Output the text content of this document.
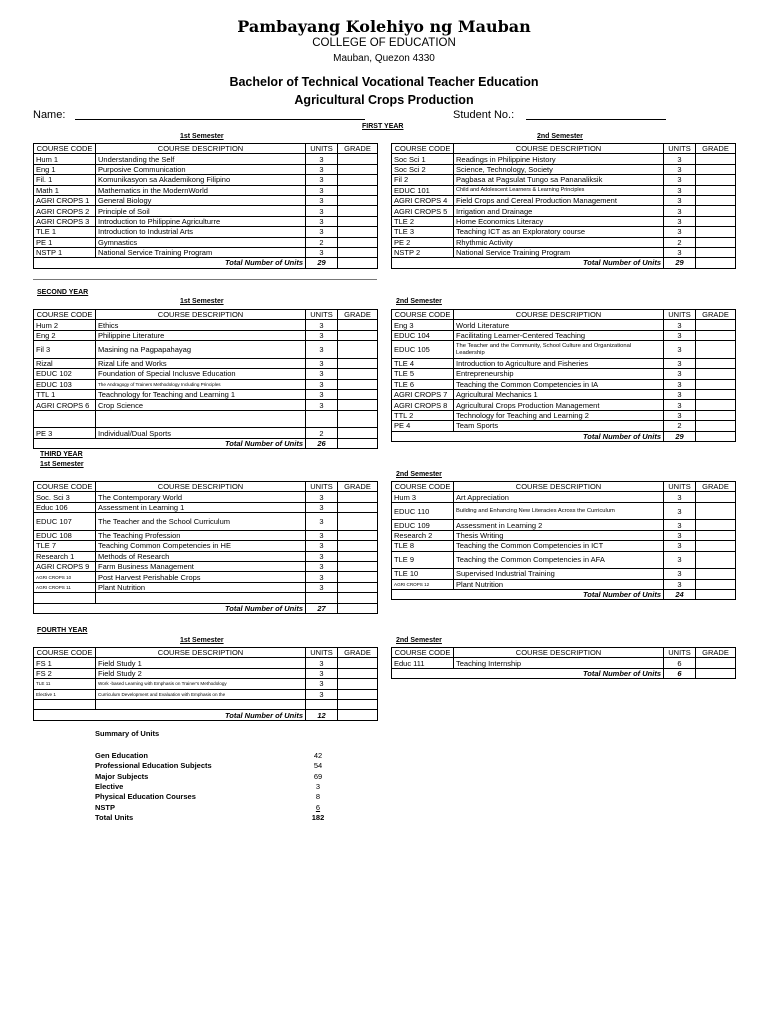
Pambayang Kolehiyo ng Mauban
COLLEGE OF EDUCATION
Mauban, Quezon 4330
Bachelor of Technical Vocational Teacher Education
Agricultural Crops Production
Name:	Student No.:
FIRST YEAR
1st Semester	2nd Semester
COURSE CODE	COURSE DESCRIPTION	UNITS	GRADE
Hum 1	Understanding the Self	3	
Eng 1	Purposive Communication	3	
Fil. 1	Komunikasyon sa Akademikong Filipino	3	
Math 1	Mathematics in the ModernWorld	3	
AGRI CROPS 1	General Biology	3	
AGRI CROPS 2	Principle of Soil	3	
AGRI CROPS 3	Introduction to Philippine Agriculturre	3	
TLE 1	Introduction to Industrial Arts	3	
PE 1	Gymnastics	2	
NSTP 1	National Service Training Program	3	
	Total Number of Units	29	
COURSE CODE	COURSE DESCRIPTION	UNITS	GRADE
Soc Sci 1	Readings in Philippine History	3	
Soc Sci 2	Science, Technology, Society	3	
Fil 2	Pagbasa at Pagsulat Tungo sa Pananaliksik	3	
EDUC 101	Child and Adolescent Learners & Learning Principles	3	
AGRI CROPS 4	Field Crops and Cereal Production Management	3	
AGRI CROPS 5	Irrigation and Drainage	3	
TLE 2	Home Economics Literacy	3	
TLE 3	Teaching ICT as an Exploratory course	3	
PE 2	Rhythmic Activity	2	
NSTP 2	National Service Training Program	3	
	Total Number of Units	29	
SECOND YEAR
1st Semester	2nd Semester
COURSE CODE	COURSE DESCRIPTION	UNITS	GRADE
Hum 2	Ethics	3	
Eng 2	Philippine Literature	3	
Fil 3	Masining na Pagpapahayag	3	
Rizal	Rizal Life and Works	3	
EDUC 102	Foundation of Special Inclusve Education	3	
EDUC 103	The Andragogy of Trainers Methodology Including Principles	3	
TTL 1	Teachnology for Teaching and Learning 1	3	
AGRI CROPS 6	Crop Science	3	

PE 3	Individual/Dual Sports	2	
	Total Number of Units	26	
COURSE CODE	COURSE DESCRIPTION	UNITS	GRADE
Eng 3	World Literature	3	
EDUC 104	Facilitating Learner-Centered Teaching	3	
EDUC 105	The Teacher and the Community, School Culture and Organizational Leadership	3	
TLE 4	Introduction to Agriculture and Fisheries	3	
TLE 5	Entrepreneurship	3	
TLE 6	Teaching the Common Competencies in IA	3	
AGRI CROPS 7	Agricultural Mechanics 1	3	
AGRI CROPS 8	Agricultural Crops Production Management	3	
TTL 2	Technology for Teaching and Learning 2	3	
PE 4	Team Sports	2	
	Total Number of Units	29	
THIRD YEAR
1st Semester
2nd Semester
COURSE CODE	COURSE DESCRIPTION	UNITS	GRADE
Soc. Sci 3	The Contemporary World	3	
Educ 106	Assessment in Learning 1	3	
EDUC 107	The Teacher and the School Curriculum	3	
EDUC 108	The Teaching Profession	3	
TLE 7	Teaching Common Competencies in HE	3	
Research 1	Methods of Research	3	
AGRI CROPS 9	Farm Business Management	3	
AGRI CROPS 10	Post Harvest Perishable Crops	3	
AGRI CROPS 11	Plant Nutrition	3	

	Total Number of Units	27	
COURSE CODE	COURSE DESCRIPTION	UNITS	GRADE
Hum 3	Art Appreciation	3	
EDUC 110	Building and Enhancing New Literacies Across the Curriculum	3	
EDUC 109	Assessment in Learning 2	3	
Research 2	Thesis Writing	3	
TLE 8	Teaching the Common Competencies in ICT	3	
TLE 9	Teaching the Common Competencies in AFA	3	
TLE 10	Supervised Industrial Training	3	
AGRI CROPS 12	Plant Nutrition	3	
	Total Number of Units	24	
FOURTH YEAR
1st Semester	2nd Semester
COURSE CODE	COURSE DESCRIPTION	UNITS	GRADE
FS 1	Field Study 1	3	
FS 2	Field Study 2	3	
TLE 11	Work -based Learning with Emphasis on Trainer's Methodology	3	
Elective 1	Curriculum Development and Evaluation with Emphasis on the	3	

	Total Number of Units	12	
COURSE CODE	COURSE DESCRIPTION	UNITS	GRADE
Educ 111	Teaching Internship	6	
	Total Number of Units	6	
Summary of Units
Gen Education	42
Professional Education Subjects	54
Major Subjects	69
Elective	3
Physical Education Courses	8
NSTP	6
Total Units	182
